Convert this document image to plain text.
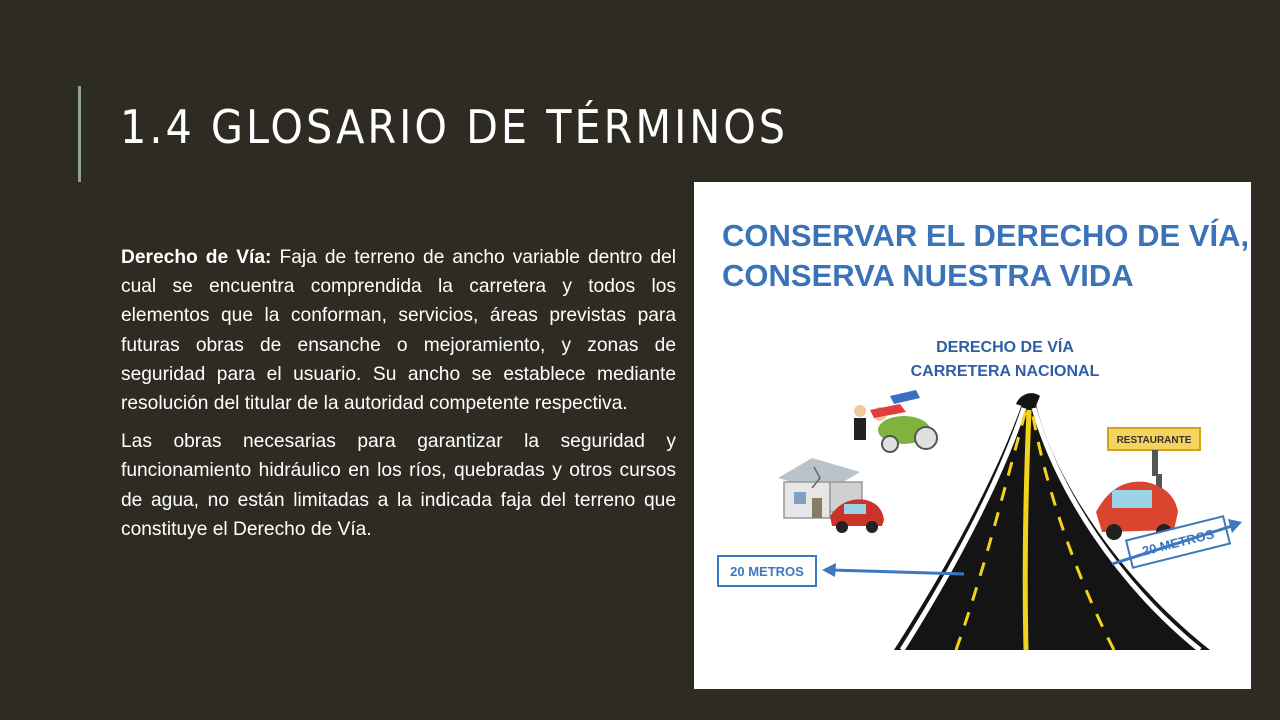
1.4 GLOSARIO DE TÉRMINOS

Derecho de Vía: Faja de terreno de ancho variable dentro del cual se encuentra comprendida la carretera y todos los elementos que la conforman, servicios, áreas previstas para futuras obras de ensanche o mejoramiento, y zonas de seguridad para el usuario. Su ancho se establece mediante resolución del titular de la autoridad competente respectiva.

Las obras necesarias para garantizar la seguridad y funcionamiento hidráulico en los ríos, quebradas y otros cursos de agua, no están limitadas a la indicada faja del terreno que constituye el Derecho de Vía.

CONSERVAR EL DERECHO DE VÍA,
CONSERVA NUESTRA VIDA
DERECHO DE VÍA
CARRETERA NACIONAL
RESTAURANTE
20 METROS
